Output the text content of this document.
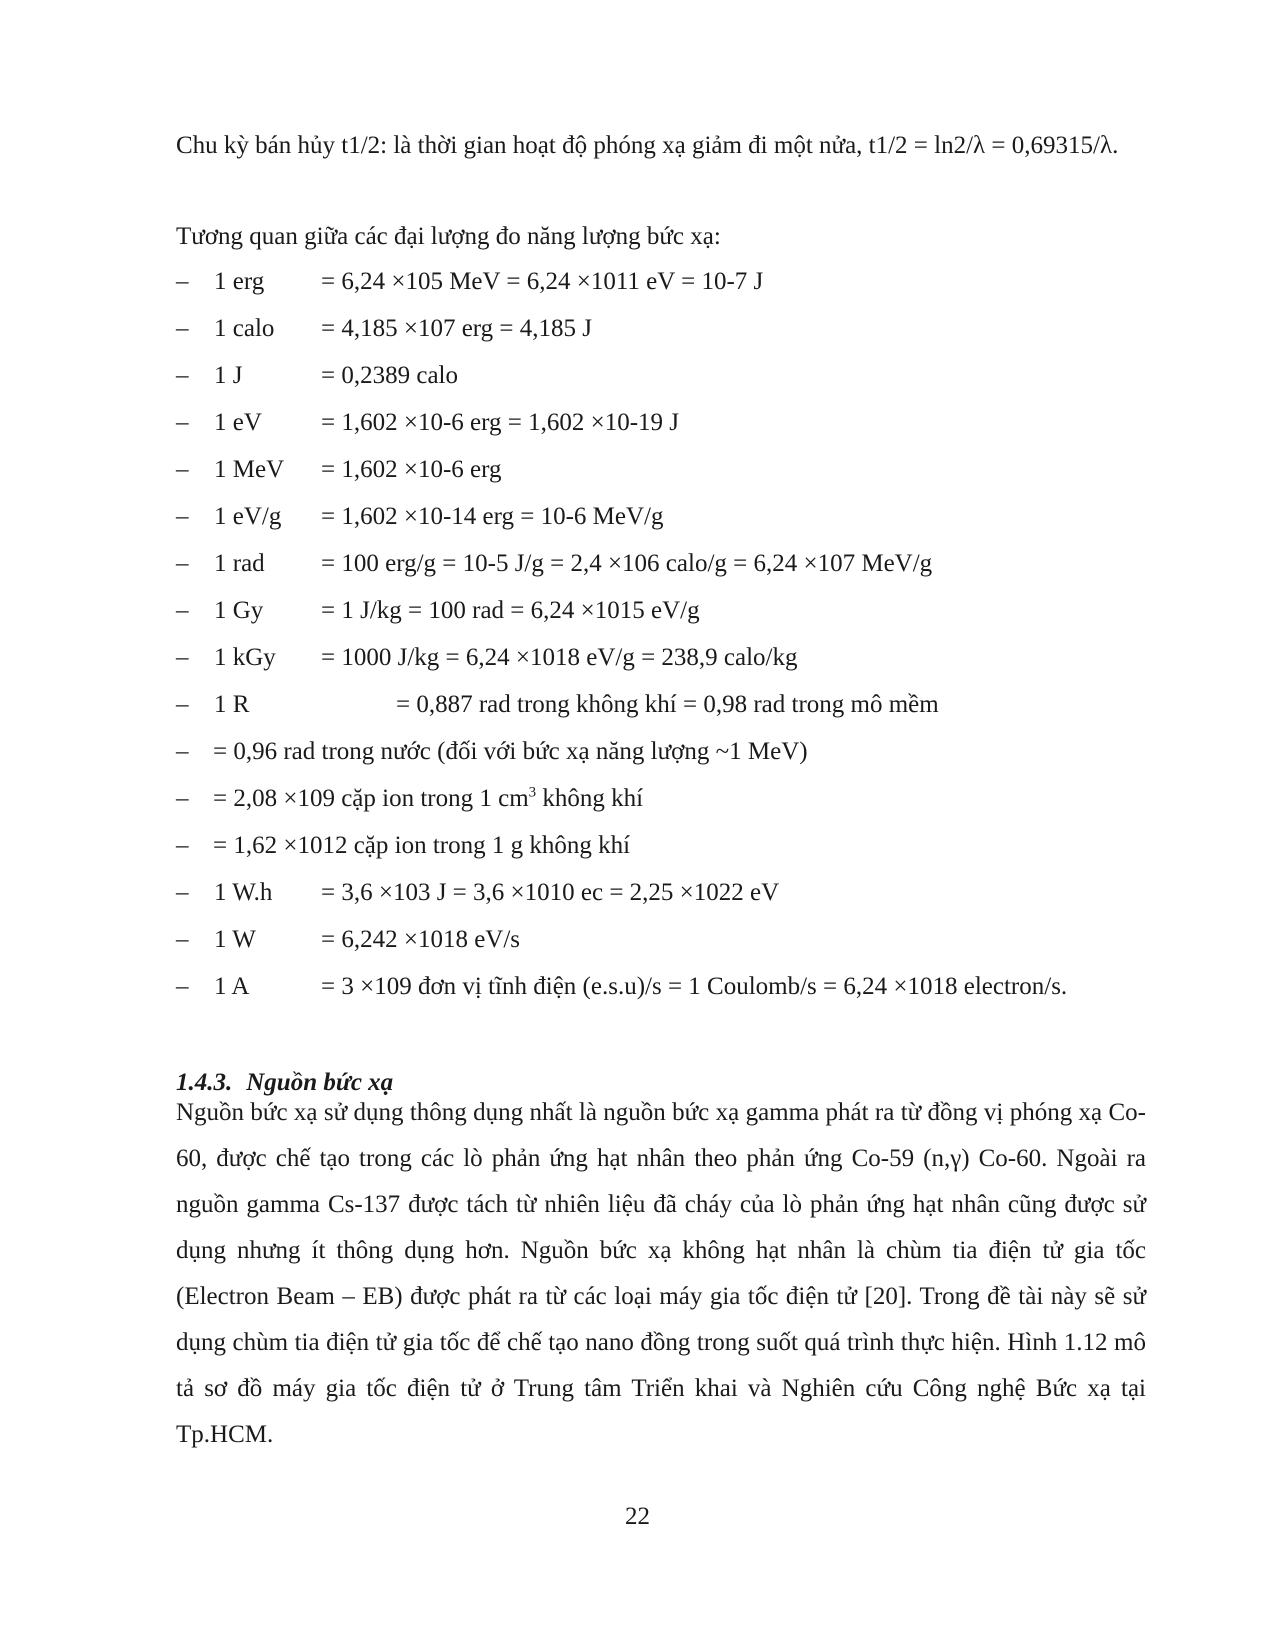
Chu kỳ bán hủy t1/2: là thời gian hoạt độ phóng xạ giảm đi một nửa, t1/2 = ln2/λ = 0,69315/λ.
Tương quan giữa các đại lượng đo năng lượng bức xạ:
– 1 erg = 6,24 ×105 MeV = 6,24 ×1011 eV = 10-7 J
– 1 calo = 4,185 ×107 erg = 4,185 J
– 1 J	= 0,2389 calo
– 1 eV = 1,602 ×10-6 erg = 1,602 ×10-19 J
– 1 MeV = 1,602 ×10-6 erg
– 1 eV/g = 1,602 ×10-14 erg = 10-6 MeV/g
– 1 rad = 100 erg/g = 10-5 J/g = 2,4 ×106 calo/g = 6,24 ×107 MeV/g
– 1 Gy = 1 J/kg = 100 rad = 6,24 ×1015 eV/g
– 1 kGy = 1000 J/kg = 6,24 ×1018 eV/g = 238,9 calo/kg
– 1 R	= 0,887 rad trong không khí = 0,98 rad trong mô mềm
– = 0,96 rad trong nước (đối với bức xạ năng lượng ~1 MeV)
– = 2,08 ×109 cặp ion trong 1 $cm^3$ không khí
– = 1,62 ×1012 cặp ion trong 1 g không khí
– 1 W.h = 3,6 ×103 J = 3,6 ×1010 ec = 2,25 ×1022 eV
– 1 W	= 6,242 ×1018 eV/s
– 1 A	= 3 ×109 đơn vị tĩnh điện (e.s.u)/s = 1 Coulomb/s = 6,24 ×1018 electron/s.
1.4.3. Nguồn bức xạ
Nguồn bức xạ sử dụng thông dụng nhất là nguồn bức xạ gamma phát ra từ đồng vị phóng xạ Co-60, được chế tạo trong các lò phản ứng hạt nhân theo phản ứng Co-59 (n,γ) Co-60. Ngoài ra nguồn gamma Cs-137 được tách từ nhiên liệu đã cháy của lò phản ứng hạt nhân cũng được sử dụng nhưng ít thông dụng hơn. Nguồn bức xạ không hạt nhân là chùm tia điện tử gia tốc (Electron Beam – EB) được phát ra từ các loại máy gia tốc điện tử [20]. Trong đề tài này sẽ sử dụng chùm tia điện tử gia tốc để chế tạo nano đồng trong suốt quá trình thực hiện. Hình 1.12 mô tả sơ đồ máy gia tốc điện tử ở Trung tâm Triển khai và Nghiên cứu Công nghệ Bức xạ tại Tp.HCM.
22
